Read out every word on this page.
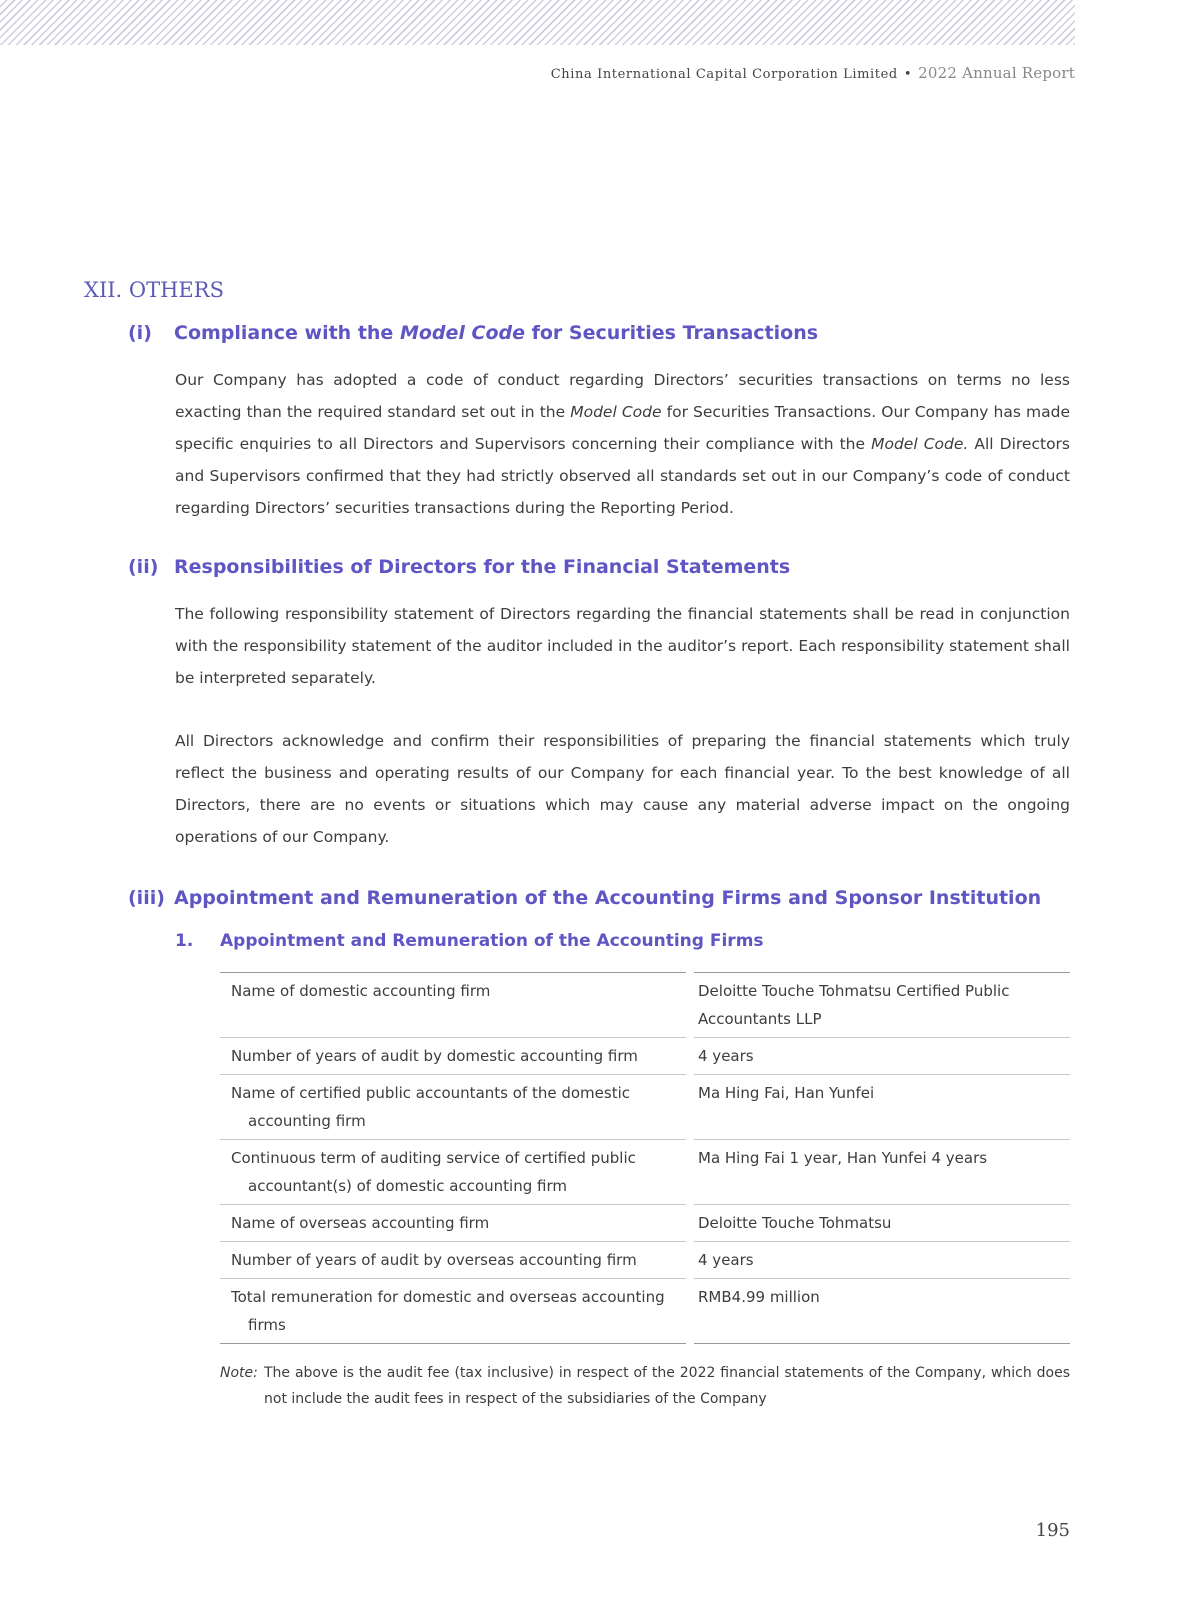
China International Capital Corporation Limited • 2022 Annual Report
XII. OTHERS
(i) Compliance with the Model Code for Securities Transactions

Our Company has adopted a code of conduct regarding Directors’ securities transactions on terms no less exacting than the required standard set out in the Model Code for Securities Transactions. Our Company has made specific enquiries to all Directors and Supervisors concerning their compliance with the Model Code. All Directors and Supervisors confirmed that they had strictly observed all standards set out in our Company’s code of conduct regarding Directors’ securities transactions during the Reporting Period.

(ii) Responsibilities of Directors for the Financial Statements

The following responsibility statement of Directors regarding the financial statements shall be read in conjunction with the responsibility statement of the auditor included in the auditor’s report. Each responsibility statement shall be interpreted separately.

All Directors acknowledge and confirm their responsibilities of preparing the financial statements which truly reflect the business and operating results of our Company for each financial year. To the best knowledge of all Directors, there are no events or situations which may cause any material adverse impact on the ongoing operations of our Company.

(iii) Appointment and Remuneration of the Accounting Firms and Sponsor Institution
1. Appointment and Remuneration of the Accounting Firms
Name of domestic accounting firm	Deloitte Touche Tohmatsu Certified Public Accountants LLP
Number of years of audit by domestic accounting firm	4 years
Name of certified public accountants of the domestic accounting firm	Ma Hing Fai, Han Yunfei
Continuous term of auditing service of certified public accountant(s) of domestic accounting firm	Ma Hing Fai 1 year, Han Yunfei 4 years
Name of overseas accounting firm	Deloitte Touche Tohmatsu
Number of years of audit by overseas accounting firm	4 years
Total remuneration for domestic and overseas accounting firms	RMB4.99 million
Note: The above is the audit fee (tax inclusive) in respect of the 2022 financial statements of the Company, which does not include the audit fees in respect of the subsidiaries of the Company
195
